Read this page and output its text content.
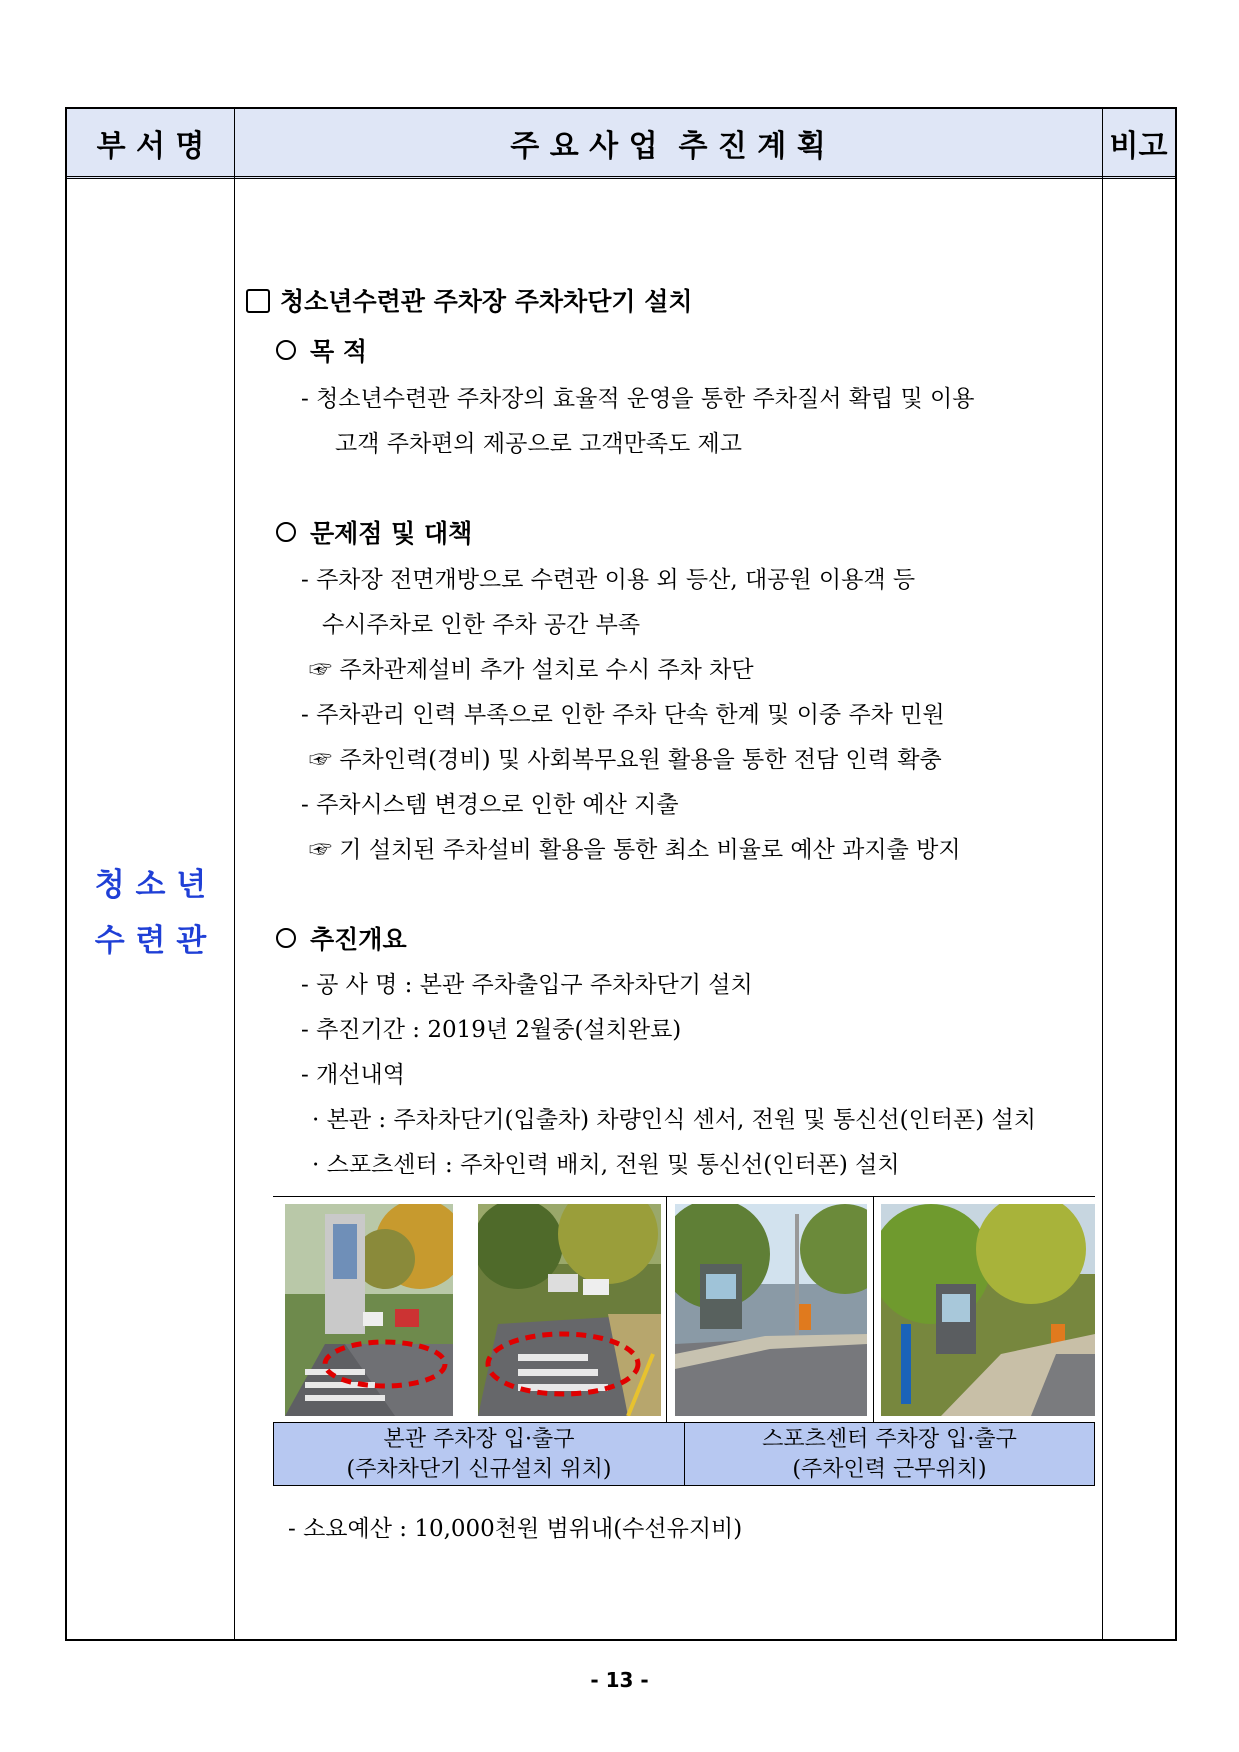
부 서 명	주 요 사 업  추 진 계 획	비고
청 소 년
수 련 관
청소년수련관 주차장 주차차단기 설치
목 적
- 청소년수련관 주차장의 효율적 운영을 통한 주차질서 확립 및 이용
고객 주차편의 제공으로 고객만족도 제고
문제점 및 대책
- 주차장 전면개방으로 수련관 이용 외 등산, 대공원 이용객 등
수시주차로 인한 주차 공간 부족
☞ 주차관제설비 추가 설치로 수시 주차 차단
- 주차관리 인력 부족으로 인한 주차 단속 한계 및 이중 주차 민원
☞ 주차인력(경비) 및 사회복무요원 활용을 통한 전담 인력 확충
- 주차시스템 변경으로 인한 예산 지출
☞ 기 설치된 주차설비 활용을 통한 최소 비율로 예산 과지출 방지
추진개요
- 공 사 명 : 본관 주차출입구 주차차단기 설치
- 추진기간 : 2019년 2월중(설치완료)
- 개선내역
· 본관 : 주차차단기(입출차) 차량인식 센서, 전원 및 통신선(인터폰) 설치
· 스포츠센터 : 주차인력 배치, 전원 및 통신선(인터폰) 설치
본관 주차장 입·출구
(주차차단기 신규설치 위치)
스포츠센터 주차장 입·출구
(주차인력 근무위치)
- 소요예산 : 10,000천원 범위내(수선유지비)
- 13 -
